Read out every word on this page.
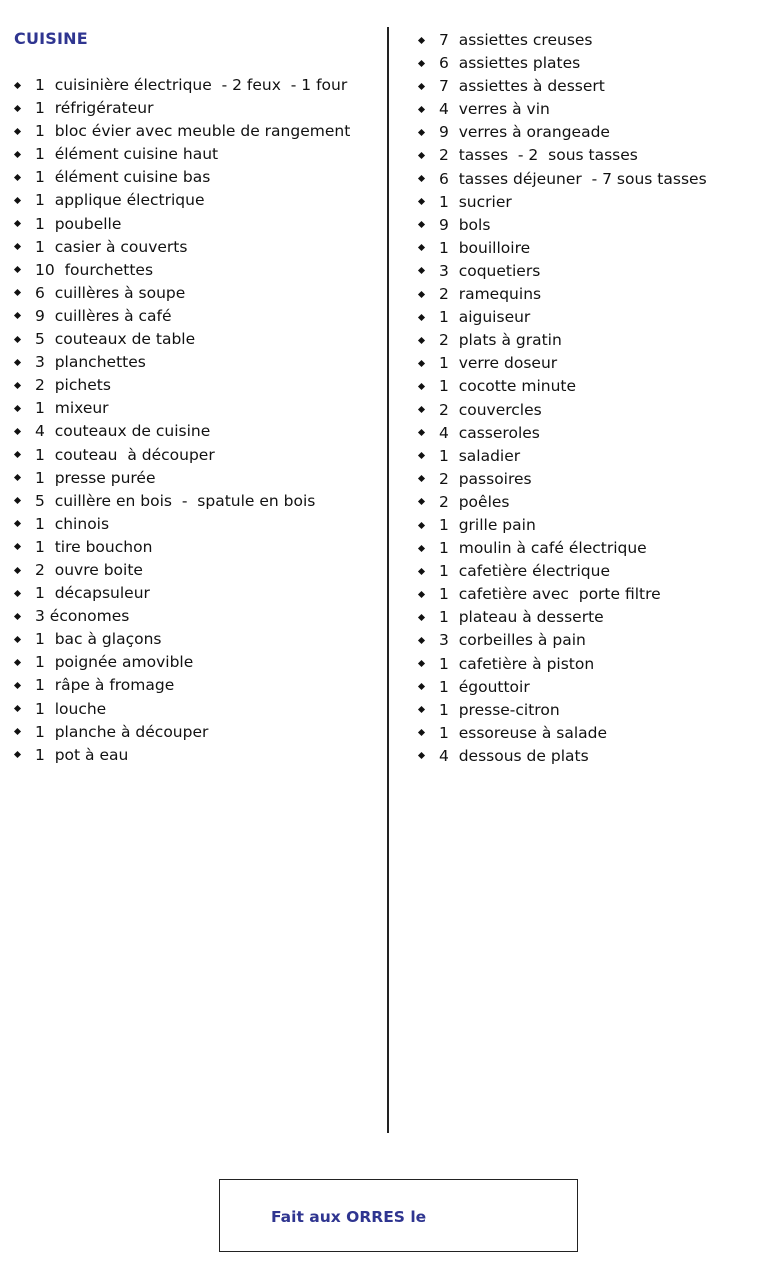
CUISINE
1  cuisinière électrique  - 2 feux  - 1 four
1  réfrigérateur
1  bloc évier avec meuble de rangement
1  élément cuisine haut
1  élément cuisine bas
1  applique électrique
1  poubelle
1  casier à couverts
10  fourchettes
6  cuillères à soupe
9  cuillères à café
5  couteaux de table
3  planchettes
2  pichets
1  mixeur
4  couteaux de cuisine
1  couteau  à découper
1  presse purée
5  cuillère en bois  -  spatule en bois
1  chinois
1  tire bouchon
2  ouvre boite
1  décapsuleur
3 économes
1  bac à glaçons
1  poignée amovible
1  râpe à fromage
1  louche
1  planche à découper
1  pot à eau
7  assiettes creuses
6  assiettes plates
7  assiettes à dessert
4  verres à vin
9  verres à orangeade
2  tasses  - 2  sous tasses
6  tasses déjeuner  - 7 sous tasses
1  sucrier
9  bols
1  bouilloire
3  coquetiers
2  ramequins
1  aiguiseur
2  plats à gratin
1  verre doseur
1  cocotte minute
2  couvercles
4  casseroles
1  saladier
2  passoires
2  poêles
1  grille pain
1  moulin à café électrique
1  cafetière électrique
1  cafetière avec  porte filtre
1  plateau à desserte
3  corbeilles à pain
1  cafetière à piston
1  égouttoir
1  presse-citron
1  essoreuse à salade
4  dessous de plats
Fait aux ORRES le
